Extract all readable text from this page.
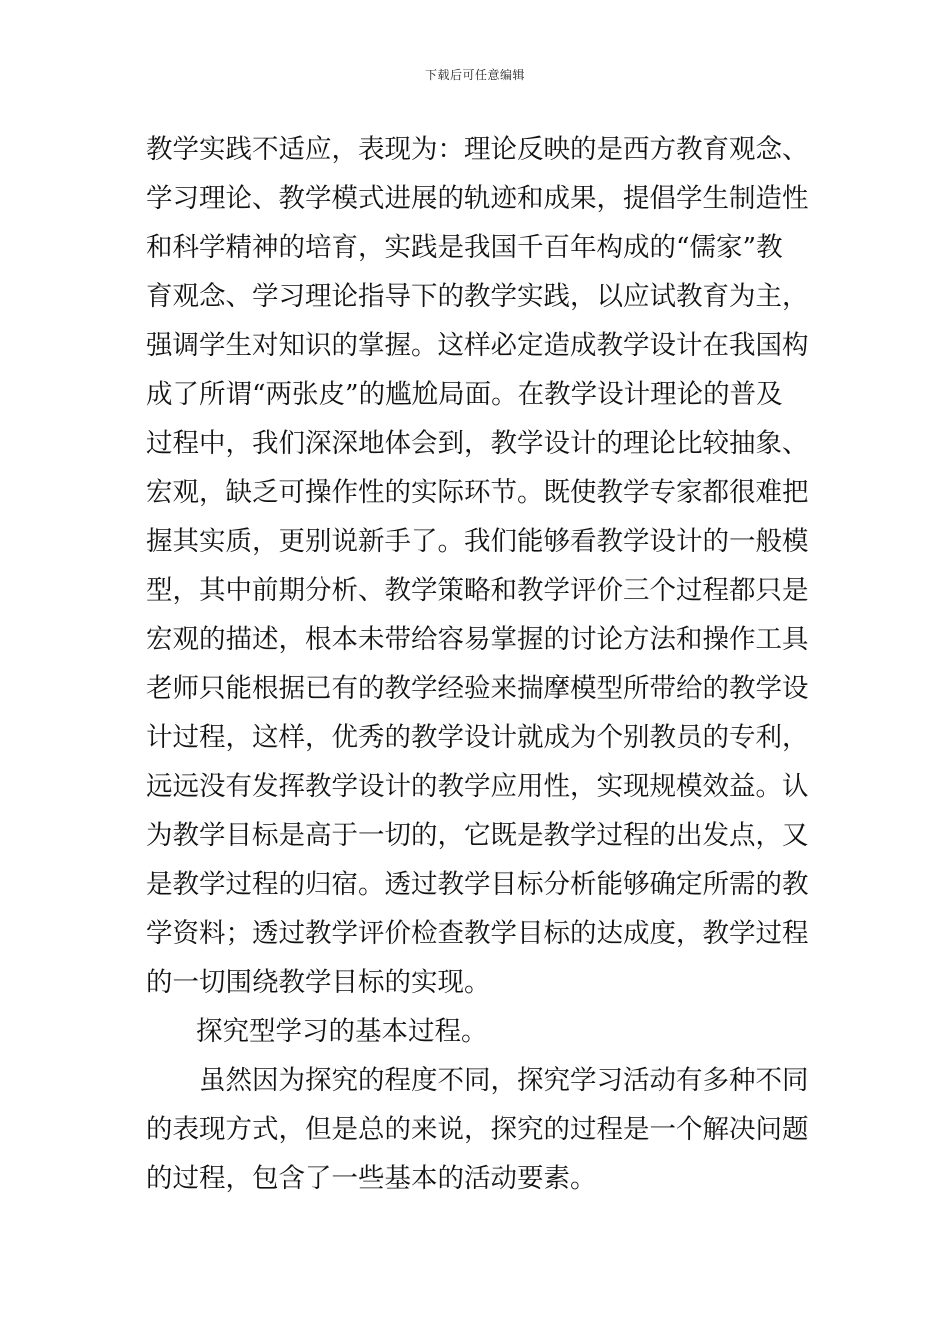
下载后可任意编辑
教学实践不适应，表现为：理论反映的是西方教育观念、
学习理论、教学模式进展的轨迹和成果，提倡学生制造性
和科学精神的培育，实践是我国千百年构成的“儒家”教
育观念、学习理论指导下的教学实践，以应试教育为主，
强调学生对知识的掌握。这样必定造成教学设计在我国构
成了所谓“两张皮”的尴尬局面。在教学设计理论的普及
过程中，我们深深地体会到，教学设计的理论比较抽象、
宏观，缺乏可操作性的实际环节。既使教学专家都很难把
握其实质，更别说新手了。我们能够看教学设计的一般模
型，其中前期分析、教学策略和教学评价三个过程都只是
宏观的描述，根本未带给容易掌握的讨论方法和操作工具
老师只能根据已有的教学经验来揣摩模型所带给的教学设
计过程，这样，优秀的教学设计就成为个别教员的专利，
远远没有发挥教学设计的教学应用性，实现规模效益。认
为教学目标是高于一切的，它既是教学过程的出发点，又
是教学过程的归宿。透过教学目标分析能够确定所需的教
学资料；透过教学评价检查教学目标的达成度，教学过程
的一切围绕教学目标的实现。
探究型学习的基本过程。
虽然因为探究的程度不同，探究学习活动有多种不同
的表现方式，但是总的来说，探究的过程是一个解决问题
的过程，包含了一些基本的活动要素。
